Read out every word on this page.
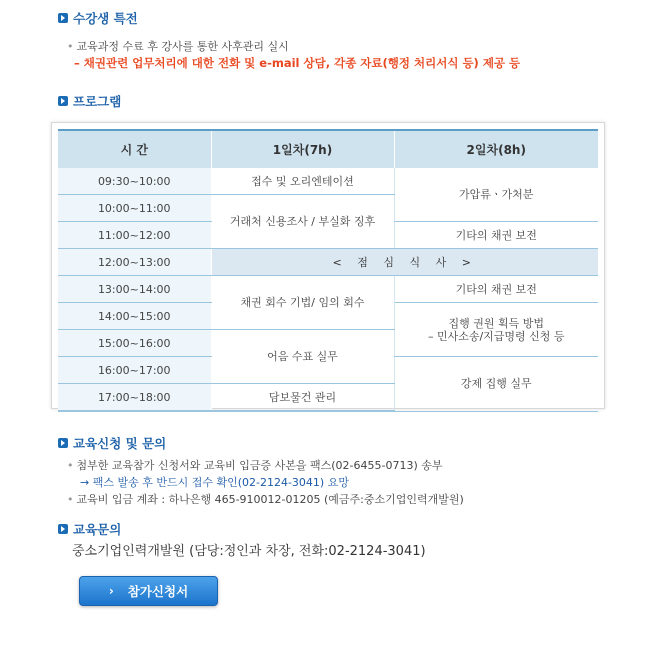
수강생 특전
• 교육과정 수료 후 강사를 통한 사후관리 실시
– 채권관련 업무처리에 대한 전화 및 e-mail 상담, 각종 자료(행정 처리서식 등) 제공 등
프로그램
시 간	1일차(7h)	2일차(8h)
09:30~10:00	접수 및 오리엔테이션	가압류ㆍ가처분
10:00~11:00	거래처 신용조사 / 부실화 징후	
11:00~12:00		기타의 채권 보전
12:00~13:00	< 점 심 식 사 >	
13:00~14:00	채권 회수 기법/ 임의 회수	기타의 채권 보전
14:00~15:00		집행 권원 획득 방법
– 민사소송/지급명령 신청 등
15:00~16:00	어음 수표 실무	
16:00~17:00		강제 집행 실무
17:00~18:00	담보물건 관리	
교육신청 및 문의
• 첨부한 교육참가 신청서와 교육비 입금증 사본을 팩스(02-6455-0713) 송부
→ 팩스 발송 후 반드시 접수 확인(02-2124-3041) 요망
• 교육비 입금 계좌 : 하나은행 465-910012-01205 (예금주:중소기업인력개발원)
교육문의
중소기업인력개발원 (담당:정인과 차장, 전화:02-2124-3041)
› 참가신청서
